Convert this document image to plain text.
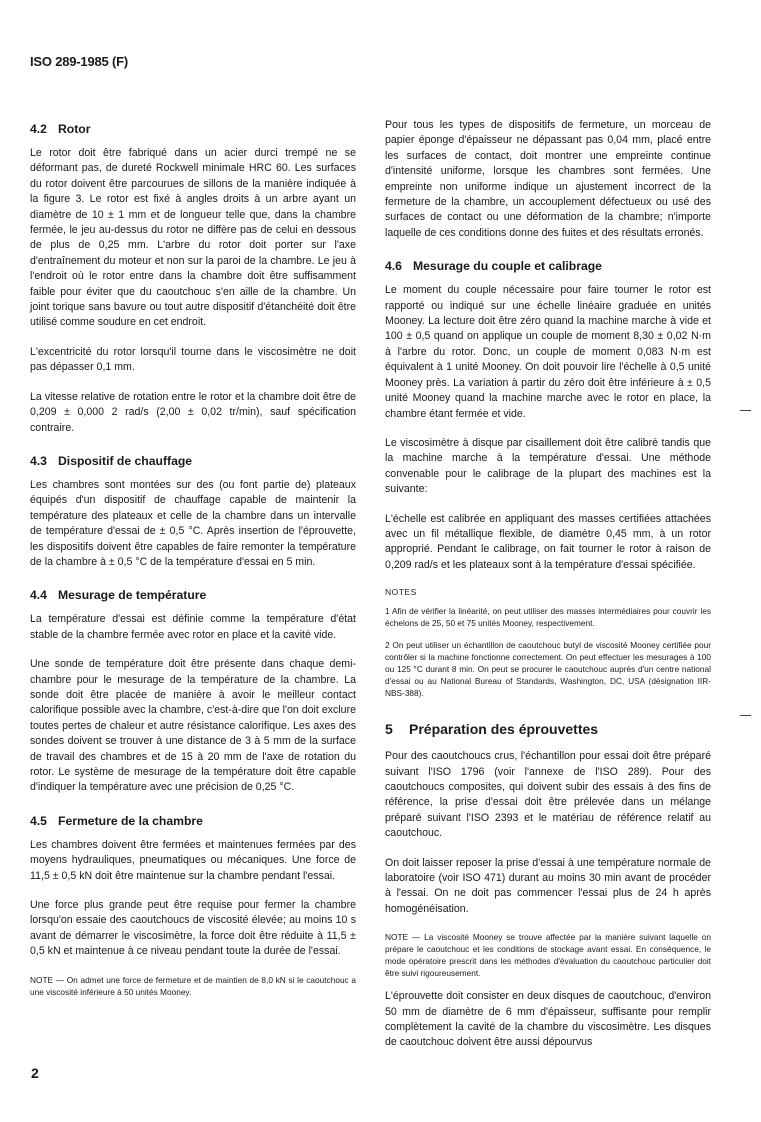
ISO 289-1985 (F)
4.2 Rotor

Le rotor doit être fabriqué dans un acier durci trempé ne se déformant pas, de dureté Rockwell minimale HRC 60. Les surfaces du rotor doivent être parcourues de sillons de la manière indiquée à la figure 3. Le rotor est fixé à angles droits à un arbre ayant un diamètre de 10 ± 1 mm et de longueur telle que, dans la chambre fermée, le jeu au-dessus du rotor ne diffère pas de celui en dessous de plus de 0,25 mm. L'arbre du rotor doit porter sur l'axe d'entraînement du moteur et non sur la paroi de la chambre. Le jeu à l'endroit où le rotor entre dans la chambre doit être suffisamment faible pour éviter que du caoutchouc s'en aille de la chambre. Un joint torique sans bavure ou tout autre dispositif d'étanchéité doit être utilisé comme soudure en cet endroit.

L'excentricité du rotor lorsqu'il tourne dans le viscosimètre ne doit pas dépasser 0,1 mm.

La vitesse relative de rotation entre le rotor et la chambre doit être de 0,209 ± 0,000 2 rad/s (2,00 ± 0,02 tr/min), sauf spécification contraire.

4.3 Dispositif de chauffage

Les chambres sont montées sur des (ou font partie de) plateaux équipés d'un dispositif de chauffage capable de maintenir la température des plateaux et celle de la chambre dans un intervalle de température d'essai de ± 0,5 °C. Après insertion de l'éprouvette, les dispositifs doivent être capables de faire remonter la température de la chambre à ± 0,5 °C de la température d'essai en 5 min.

4.4 Mesurage de température

La température d'essai est définie comme la température d'état stable de la chambre fermée avec rotor en place et la cavité vide.

Une sonde de température doit être présente dans chaque demi-chambre pour le mesurage de la température de la chambre. La sonde doit être placée de manière à avoir le meilleur contact calorifique possible avec la chambre, c'est-à-dire que l'on doit exclure toutes pertes de chaleur et autre résistance calorifique. Les axes des sondes doivent se trouver à une distance de 3 à 5 mm de la surface de travail des chambres et de 15 à 20 mm de l'axe de rotation du rotor. Le système de mesurage de la température doit être capable d'indiquer la température avec une précision de 0,25 °C.

4.5 Fermeture de la chambre

Les chambres doivent être fermées et maintenues fermées par des moyens hydrauliques, pneumatiques ou mécaniques. Une force de 11,5 ± 0,5 kN doit être maintenue sur la chambre pendant l'essai.

Une force plus grande peut être requise pour fermer la chambre lorsqu'on essaie des caoutchoucs de viscosité élevée; au moins 10 s avant de démarrer le viscosimètre, la force doit être réduite à 11,5 ± 0,5 kN et maintenue à ce niveau pendant toute la durée de l'essai.

NOTE — On admet une force de fermeture et de maintien de 8,0 kN si le caoutchouc a une viscosité inférieure à 50 unités Mooney.

Pour tous les types de dispositifs de fermeture, un morceau de papier éponge d'épaisseur ne dépassant pas 0,04 mm, placé entre les surfaces de contact, doit montrer une empreinte continue d'intensité uniforme, lorsque les chambres sont fermées. Une empreinte non uniforme indique un ajustement incorrect de la fermeture de la chambre, un accouplement défectueux ou usé des surfaces de contact ou une déformation de la chambre; n'importe laquelle de ces conditions donne des fuites et des résultats erronés.

4.6 Mesurage du couple et calibrage

Le moment du couple nécessaire pour faire tourner le rotor est rapporté ou indiqué sur une échelle linéaire graduée en unités Mooney. La lecture doit être zéro quand la machine marche à vide et 100 ± 0,5 quand on applique un couple de moment 8,30 ± 0,02 N·m à l'arbre du rotor. Donc, un couple de moment 0,083 N·m est équivalent à 1 unité Mooney. On doit pouvoir lire l'échelle à 0,5 unité Mooney près. La variation à partir du zéro doit être inférieure à ± 0,5 unité Mooney quand la machine marche avec le rotor en place, la chambre étant fermée et vide.

Le viscosimètre à disque par cisaillement doit être calibré tandis que la machine marche à la température d'essai. Une méthode convenable pour le calibrage de la plupart des machines est la suivante:

L'échelle est calibrée en appliquant des masses certifiées attachées avec un fil métallique flexible, de diamètre 0,45 mm, à un rotor approprié. Pendant le calibrage, on fait tourner le rotor à raison de 0,209 rad/s et les plateaux sont à la température d'essai spécifiée.

NOTES

1 Afin de vérifier la linéarité, on peut utiliser des masses intermédiaires pour couvrir les échelons de 25, 50 et 75 unités Mooney, respectivement.

2 On peut utiliser un échantillon de caoutchouc butyl de viscosité Mooney certifiée pour contrôler si la machine fonctionne correctement. On peut effectuer les mesurages à 100 ou 125 °C durant 8 min. On peut se procurer le caoutchouc auprès d'un centre national d'essai ou au National Bureau of Standards, Washington, DC, USA (désignation IIR-NBS-388).

5 Préparation des éprouvettes

Pour des caoutchoucs crus, l'échantillon pour essai doit être préparé suivant l'ISO 1796 (voir l'annexe de l'ISO 289). Pour des caoutchoucs composites, qui doivent subir des essais à des fins de référence, la prise d'essai doit être prélevée dans un mélange préparé suivant l'ISO 2393 et le matériau de référence relatif au caoutchouc.

On doit laisser reposer la prise d'essai à une température normale de laboratoire (voir ISO 471) durant au moins 30 min avant de procéder à l'essai. On ne doit pas commencer l'essai plus de 24 h après homogénéisation.

NOTE — La viscosité Mooney se trouve affectée par la manière suivant laquelle on prépare le caoutchouc et les conditions de stockage avant essai. En conséquence, le mode opératoire prescrit dans les méthodes d'évaluation du caoutchouc particulier doit être suivi rigoureusement.

L'éprouvette doit consister en deux disques de caoutchouc, d'environ 50 mm de diamètre de 6 mm d'épaisseur, suffisante pour remplir complètement la cavité de la chambre du viscosimètre. Les disques de caoutchouc doivent être aussi dépourvus

2
